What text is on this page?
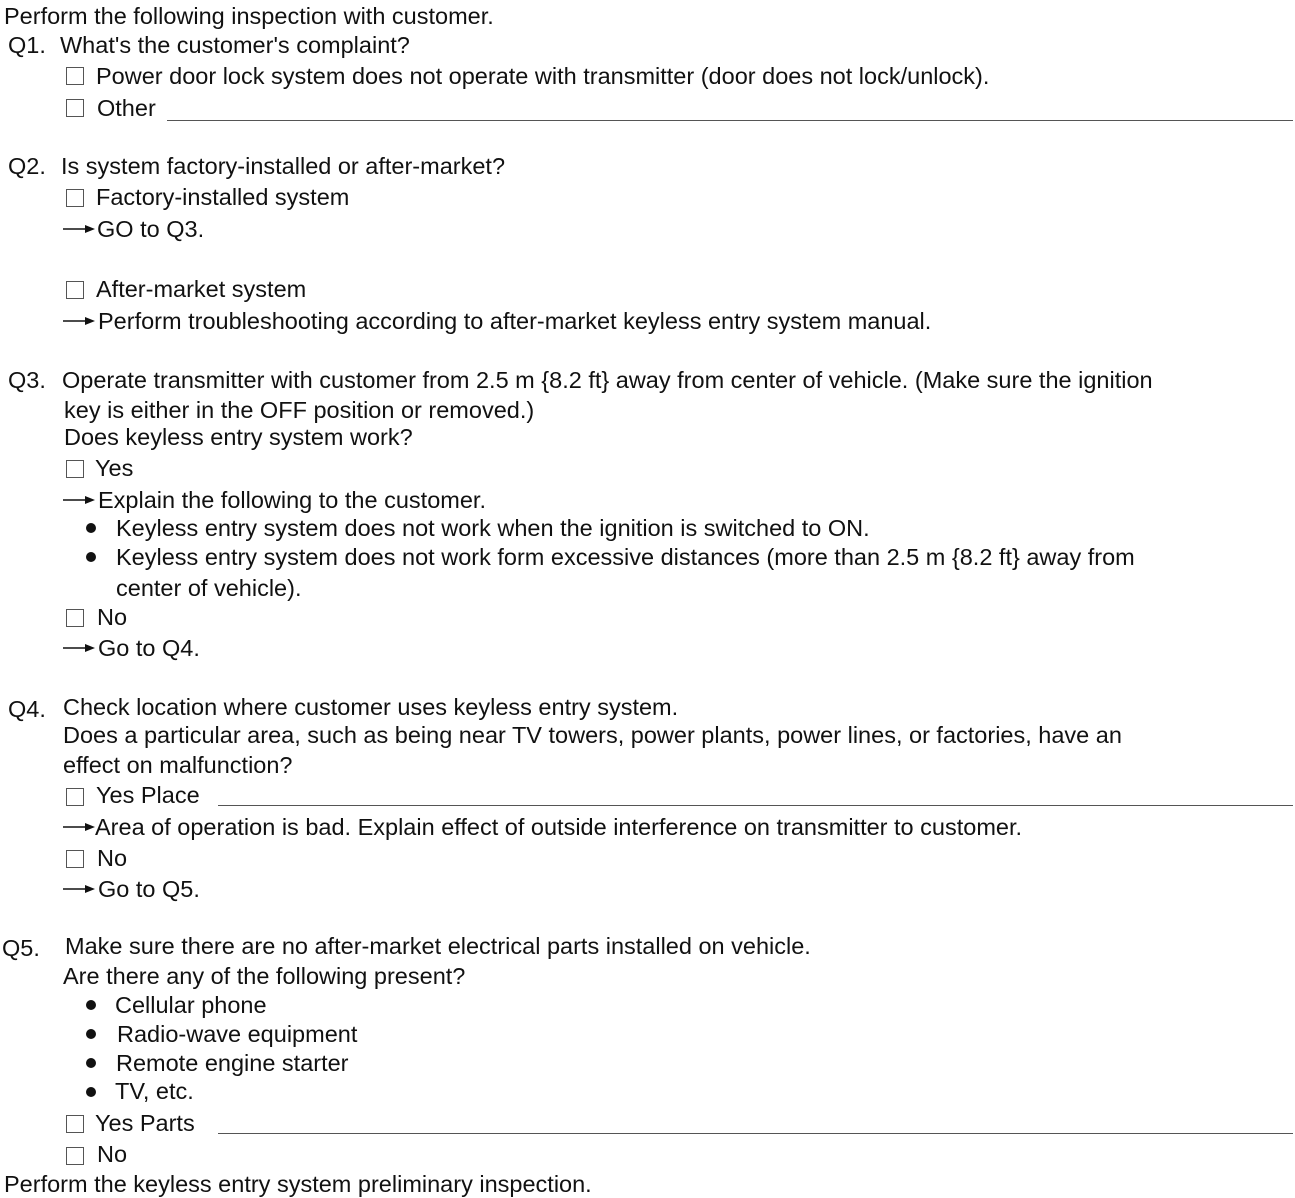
Perform the following inspection with customer.
Q1. What's the customer's complaint?
Power door lock system does not operate with transmitter (door does not lock/unlock).
Other
Q2. Is system factory-installed or after-market?
Factory-installed system
GO to Q3.
After-market system
Perform troubleshooting according to after-market keyless entry system manual.
Q3. Operate transmitter with customer from 2.5 m {8.2 ft} away from center of vehicle. (Make sure the ignition
key is either in the OFF position or removed.)
Does keyless entry system work?
Yes
Explain the following to the customer.
Keyless entry system does not work when the ignition is switched to ON.
Keyless entry system does not work form excessive distances (more than 2.5 m {8.2 ft} away from
center of vehicle).
No
Go to Q4.
Q4. Check location where customer uses keyless entry system.
Does a particular area, such as being near TV towers, power plants, power lines, or factories, have an
effect on malfunction?
Yes Place
Area of operation is bad. Explain effect of outside interference on transmitter to customer.
No
Go to Q5.
Q5. Make sure there are no after-market electrical parts installed on vehicle.
Are there any of the following present?
Cellular phone
Radio-wave equipment
Remote engine starter
TV, etc.
Yes Parts
No
Perform the keyless entry system preliminary inspection.
